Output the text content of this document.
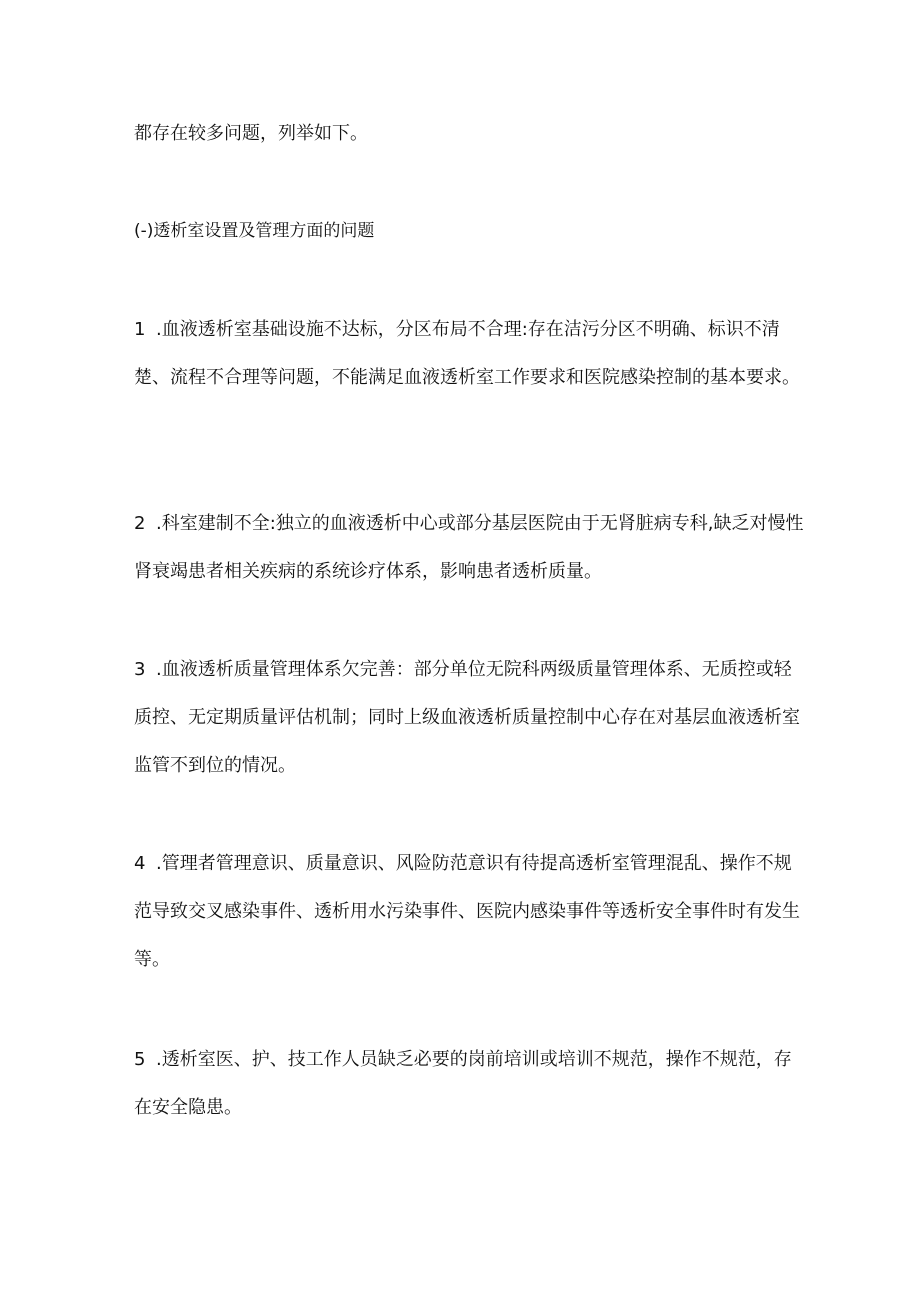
都存在较多问题，列举如下。

(-)透析室设置及管理方面的问题

1 .血液透析室基础设施不达标，分区布局不合理:存在洁污分区不明确、标识不清楚、流程不合理等问题，不能满足血液透析室工作要求和医院感染控制的基本要求。

2 .科室建制不全:独立的血液透析中心或部分基层医院由于无肾脏病专科,缺乏对慢性肾衰竭患者相关疾病的系统诊疗体系，影响患者透析质量。

3 .血液透析质量管理体系欠完善：部分单位无院科两级质量管理体系、无质控或轻质控、无定期质量评估机制；同时上级血液透析质量控制中心存在对基层血液透析室监管不到位的情况。

4 .管理者管理意识、质量意识、风险防范意识有待提高透析室管理混乱、操作不规范导致交叉感染事件、透析用水污染事件、医院内感染事件等透析安全事件时有发生等。

5 .透析室医、护、技工作人员缺乏必要的岗前培训或培训不规范，操作不规范，存在安全隐患。
